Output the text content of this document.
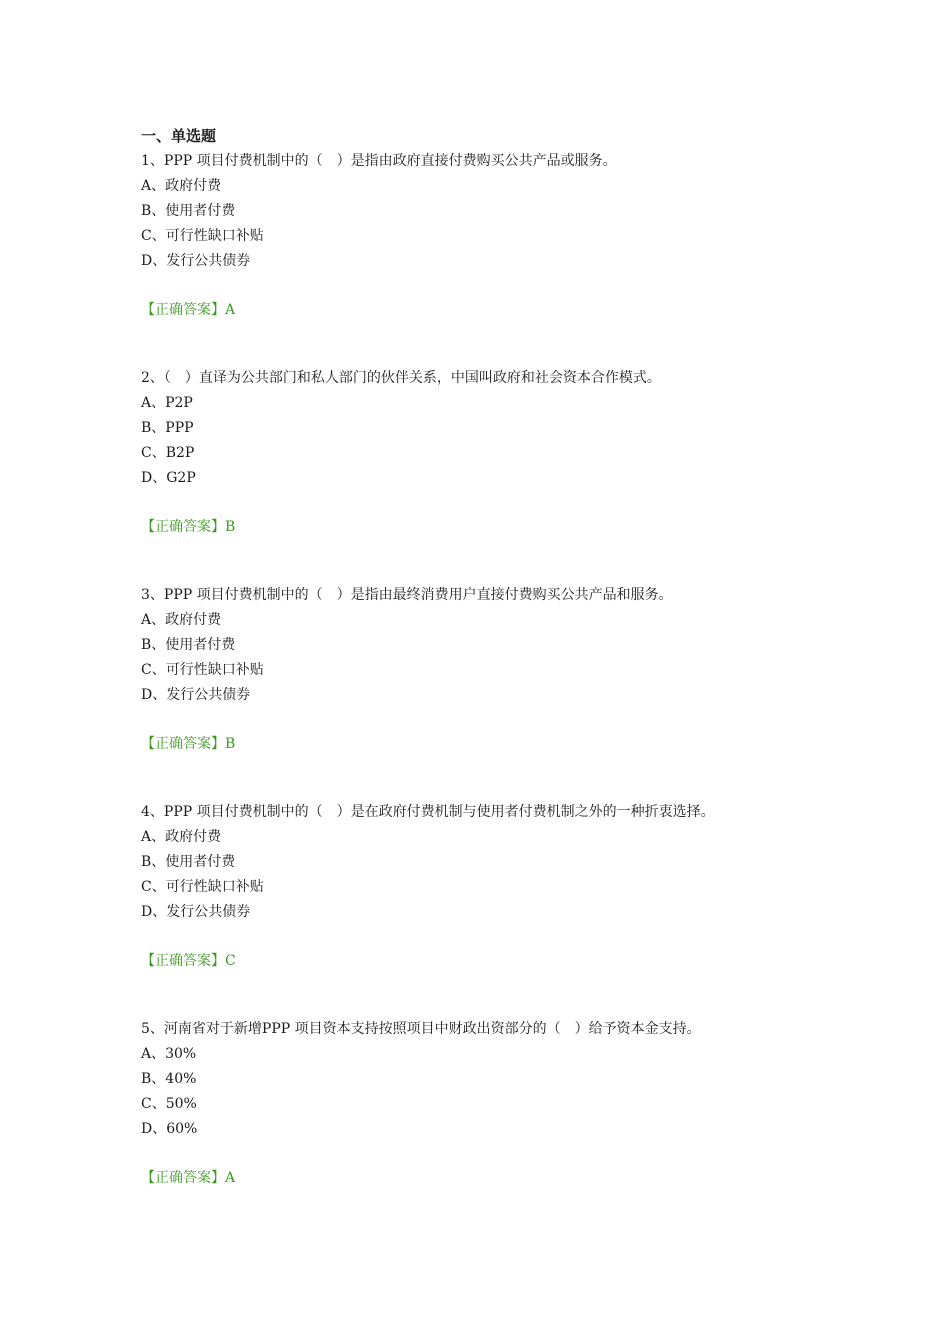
一、单选题
1、PPP 项目付费机制中的（　）是指由政府直接付费购买公共产品或服务。
A、政府付费
B、使用者付费
C、可行性缺口补贴
D、发行公共债券
【正确答案】A
2、（　）直译为公共部门和私人部门的伙伴关系，中国叫政府和社会资本合作模式。
A、P2P
B、PPP
C、B2P
D、G2P
【正确答案】B
3、PPP 项目付费机制中的（　）是指由最终消费用户直接付费购买公共产品和服务。
A、政府付费
B、使用者付费
C、可行性缺口补贴
D、发行公共债券
【正确答案】B
4、PPP 项目付费机制中的（　）是在政府付费机制与使用者付费机制之外的一种折衷选择。
A、政府付费
B、使用者付费
C、可行性缺口补贴
D、发行公共债券
【正确答案】C
5、河南省对于新增PPP 项目资本支持按照项目中财政出资部分的（　）给予资本金支持。
A、30%
B、40%
C、50%
D、60%
【正确答案】A
